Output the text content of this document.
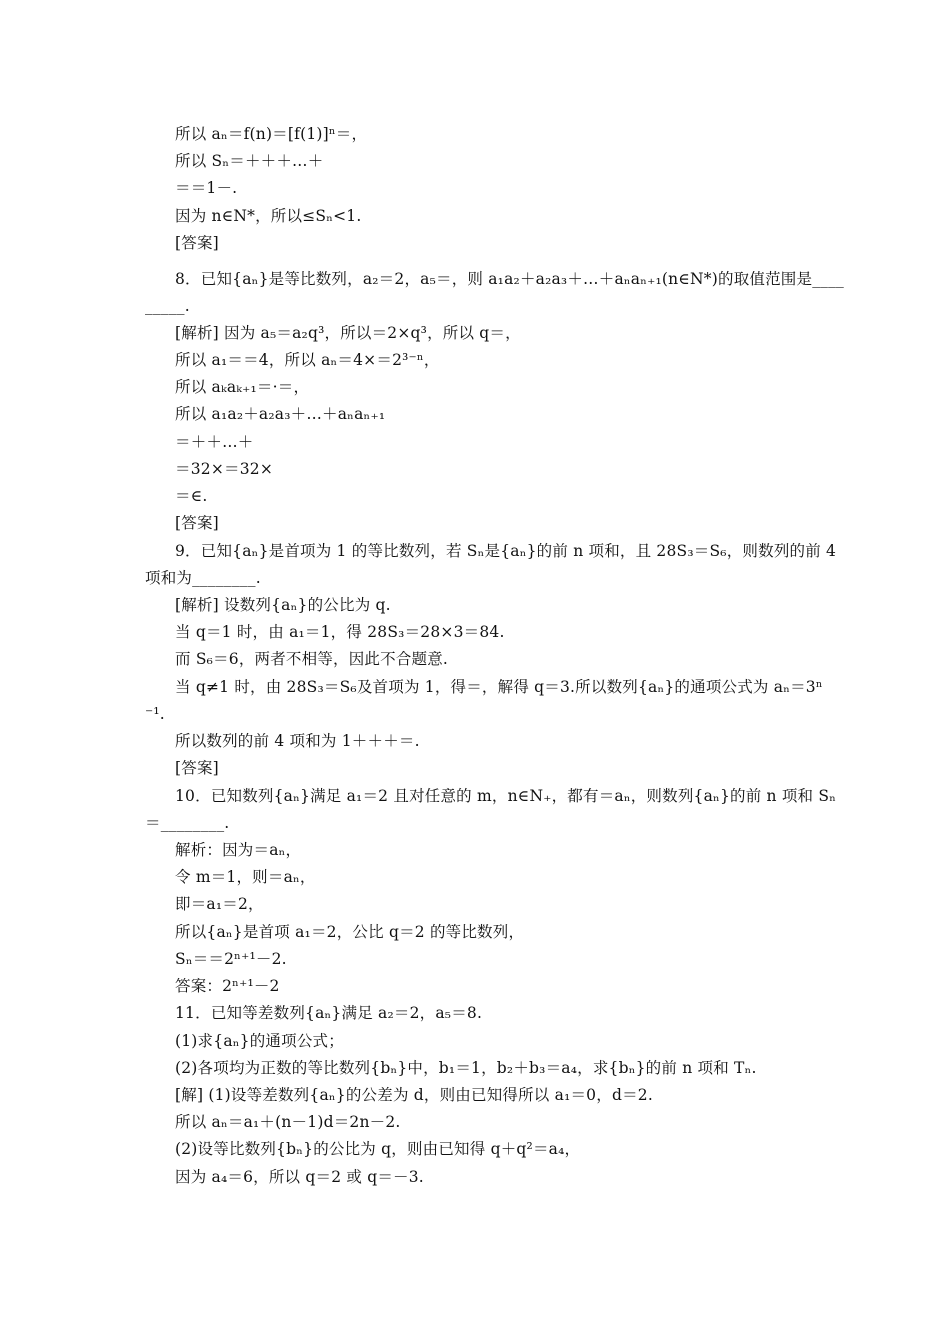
所以 aₙ＝f(n)＝[f(1)]ⁿ＝，
所以 Sₙ＝＋＋＋…＋
＝＝1－.
因为 n∈N*，所以≤Sₙ<1.
[答案]
8．已知{aₙ}是等比数列，a₂＝2，a₅＝，则 a₁a₂＋a₂a₃＋…＋aₙaₙ₊₁(n∈N*)的取值范围是____
_____.
[解析] 因为 a₅＝a₂q³，所以＝2×q³，所以 q＝，
所以 a₁＝＝4，所以 aₙ＝4×＝2³⁻ⁿ，
所以 aₖaₖ₊₁＝·＝，
所以 a₁a₂＋a₂a₃＋…＋aₙaₙ₊₁
＝＋＋…＋
＝32×＝32×
＝∈.
[答案]
9．已知{aₙ}是首项为 1 的等比数列，若 Sₙ是{aₙ}的前 n 项和，且 28S₃＝S₆，则数列的前 4
项和为________.
[解析] 设数列{aₙ}的公比为 q.
当 q＝1 时，由 a₁＝1，得 28S₃＝28×3＝84.
而 S₆＝6，两者不相等，因此不合题意.
当 q≠1 时，由 28S₃＝S₆及首项为 1，得＝，解得 q＝3.所以数列{aₙ}的通项公式为 aₙ＝3ⁿ
⁻¹.
所以数列的前 4 项和为 1＋＋＋＝.
[答案]
10．已知数列{aₙ}满足 a₁＝2 且对任意的 m，n∈N₊，都有＝aₙ，则数列{aₙ}的前 n 项和 Sₙ
＝________.
解析：因为＝aₙ，
令 m＝1，则＝aₙ，
即＝a₁＝2，
所以{aₙ}是首项 a₁＝2，公比 q＝2 的等比数列，
Sₙ＝＝2ⁿ⁺¹－2.
答案：2ⁿ⁺¹－2
11．已知等差数列{aₙ}满足 a₂＝2，a₅＝8.
(1)求{aₙ}的通项公式；
(2)各项均为正数的等比数列{bₙ}中，b₁＝1，b₂＋b₃＝a₄，求{bₙ}的前 n 项和 Tₙ.
[解] (1)设等差数列{aₙ}的公差为 d，则由已知得所以 a₁＝0，d＝2.
所以 aₙ＝a₁＋(n－1)d＝2n－2.
(2)设等比数列{bₙ}的公比为 q，则由已知得 q＋q²＝a₄，
因为 a₄＝6，所以 q＝2 或 q＝－3.
